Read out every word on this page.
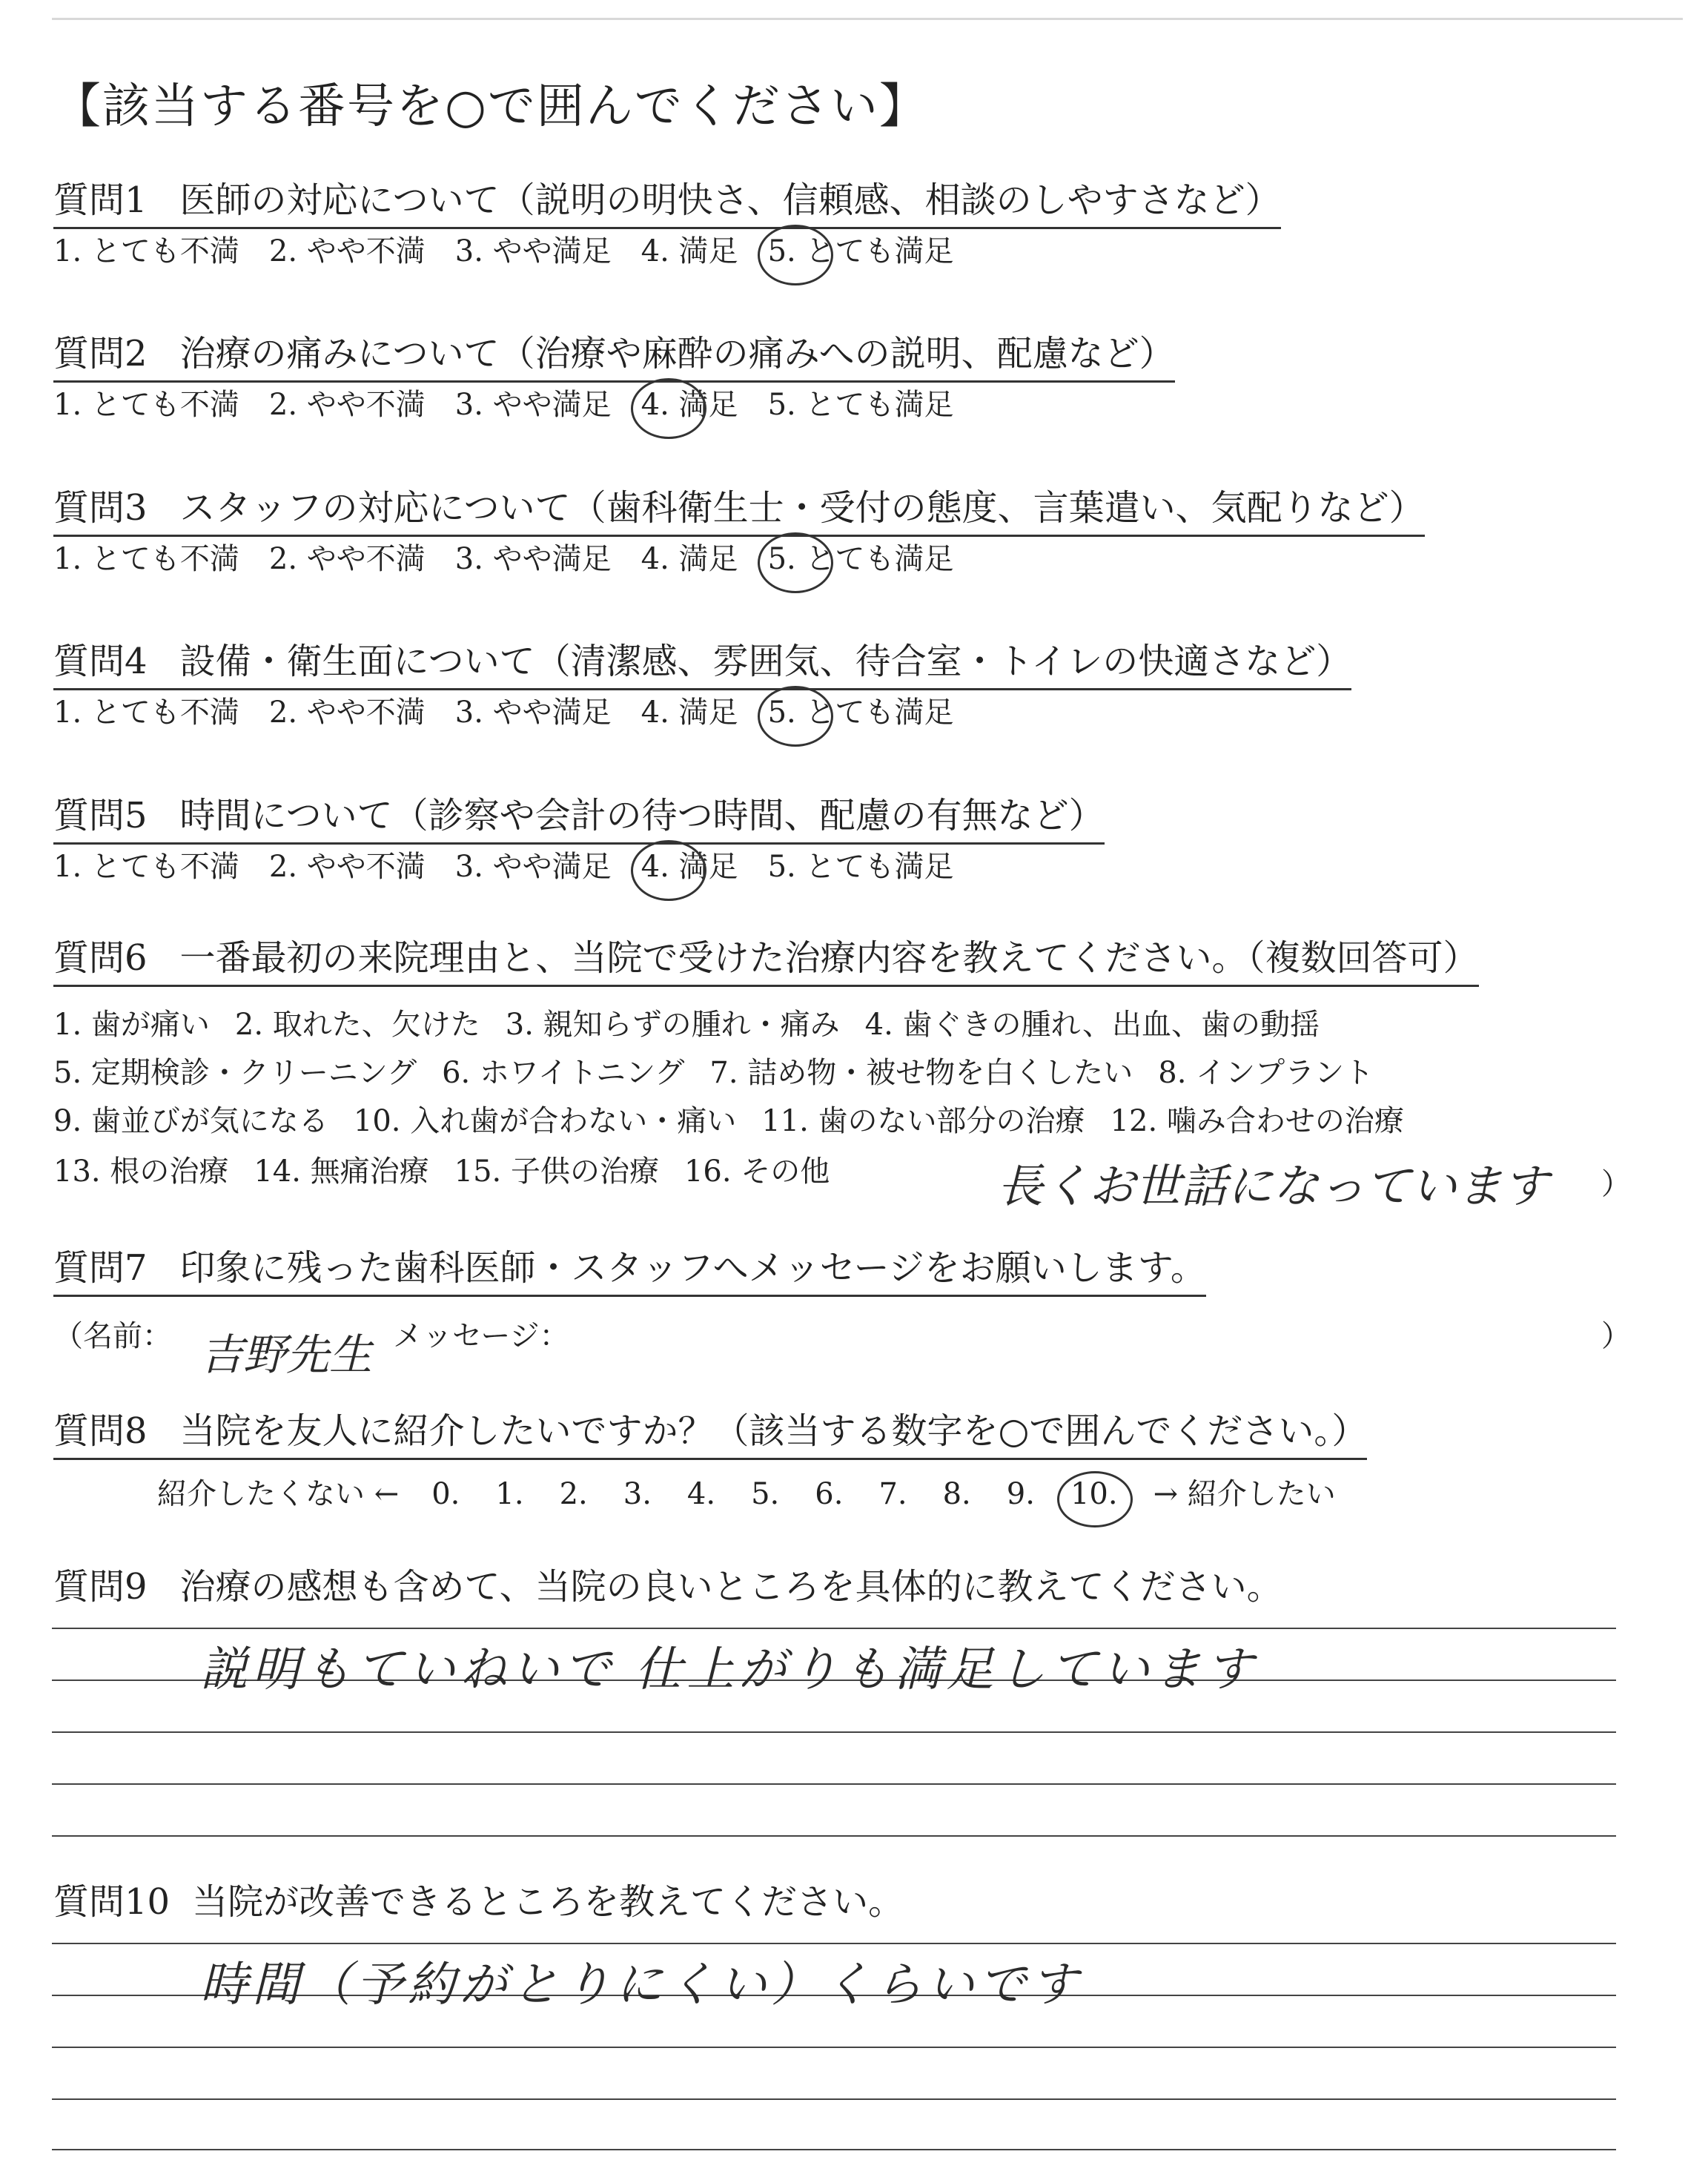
【該当する番号を○で囲んでください】
質問1 医師の対応について（説明の明快さ、信頼感、相談のしやすさなど）
1. とても不満 2. やや不満 3. やや満足 4. 満足 5. とても満足
質問2 治療の痛みについて（治療や麻酔の痛みへの説明、配慮など）
1. とても不満 2. やや不満 3. やや満足 4. 満足 5. とても満足
質問3 スタッフの対応について（歯科衛生士・受付の態度、言葉遣い、気配りなど）
1. とても不満 2. やや不満 3. やや満足 4. 満足 5. とても満足
質問4 設備・衛生面について（清潔感、雰囲気、待合室・トイレの快適さなど）
1. とても不満 2. やや不満 3. やや満足 4. 満足 5. とても満足
質問5 時間について（診察や会計の待つ時間、配慮の有無など）
1. とても不満 2. やや不満 3. やや満足 4. 満足 5. とても満足
質問6 一番最初の来院理由と、当院で受けた治療内容を教えてください。（複数回答可）
1. 歯が痛い 2. 取れた、欠けた 3. 親知らずの腫れ・痛み 4. 歯ぐきの腫れ、出血、歯の動揺
5. 定期検診・クリーニング 6. ホワイトニング 7. 詰め物・被せ物を白くしたい 8. インプラント
9. 歯並びが気になる 10. 入れ歯が合わない・痛い 11. 歯のない部分の治療 12. 噛み合わせの治療
13. 根の治療 14. 無痛治療 15. 子供の治療 16. その他	長くお世話になっています ）
質問7 印象に残った歯科医師・スタッフへメッセージをお願いします。
（名前： 吉野先生 メッセージ：	）
質問8 当院を友人に紹介したいですか？（該当する数字を○で囲んでください。）
紹介したくない ← 0. 1. 2. 3. 4. 5. 6. 7. 8. 9. 10. → 紹介したい
質問9 治療の感想も含めて、当院の良いところを具体的に教えてください。
説明もていねいで 仕上がりも満足しています
質問10 当院が改善できるところを教えてください。
時間（予約がとりにくい）くらいです
